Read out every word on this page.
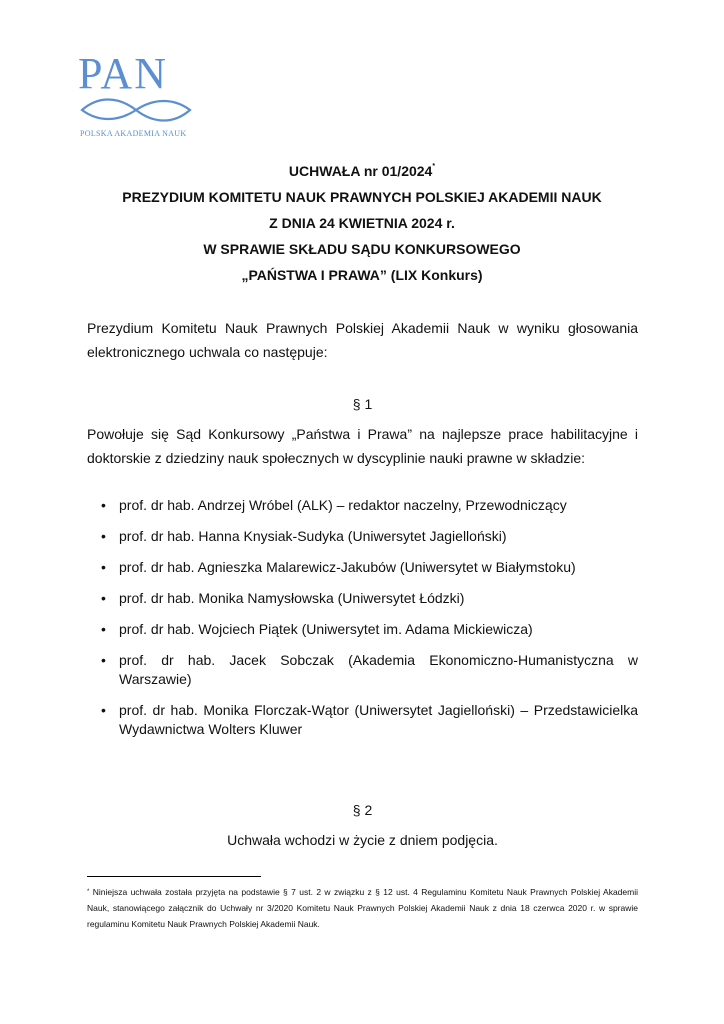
PAN
POLSKA AKADEMIA NAUK
UCHWAŁA nr 01/2024*
PREZYDIUM KOMITETU NAUK PRAWNYCH POLSKIEJ AKADEMII NAUK
Z DNIA 24 KWIETNIA 2024 r.
W SPRAWIE SKŁADU SĄDU KONKURSOWEGO
„PAŃSTWA I PRAWA” (LIX Konkurs)
Prezydium Komitetu Nauk Prawnych Polskiej Akademii Nauk w wyniku głosowania elektronicznego uchwala co następuje:
§ 1
Powołuje się Sąd Konkursowy „Państwa i Prawa” na najlepsze prace habilitacyjne i doktorskie z dziedziny nauk społecznych w dyscyplinie nauki prawne w składzie:
• prof. dr hab. Andrzej Wróbel (ALK) – redaktor naczelny, Przewodniczący
• prof. dr hab. Hanna Knysiak-Sudyka (Uniwersytet Jagielloński)
• prof. dr hab. Agnieszka Malarewicz-Jakubów (Uniwersytet w Białymstoku)
• prof. dr hab. Monika Namysłowska (Uniwersytet Łódzki)
• prof. dr hab. Wojciech Piątek (Uniwersytet im. Adama Mickiewicza)
• prof. dr hab. Jacek Sobczak (Akademia Ekonomiczno-Humanistyczna w Warszawie)
• prof. dr hab. Monika Florczak-Wątor (Uniwersytet Jagielloński) – Przedstawicielka Wydawnictwa Wolters Kluwer
§ 2
Uchwała wchodzi w życie z dniem podjęcia.
* Niniejsza uchwała została przyjęta na podstawie § 7 ust. 2 w związku z § 12 ust. 4 Regulaminu Komitetu Nauk Prawnych Polskiej Akademii Nauk, stanowiącego załącznik do Uchwały nr 3/2020 Komitetu Nauk Prawnych Polskiej Akademii Nauk z dnia 18 czerwca 2020 r. w sprawie regulaminu Komitetu Nauk Prawnych Polskiej Akademii Nauk.
